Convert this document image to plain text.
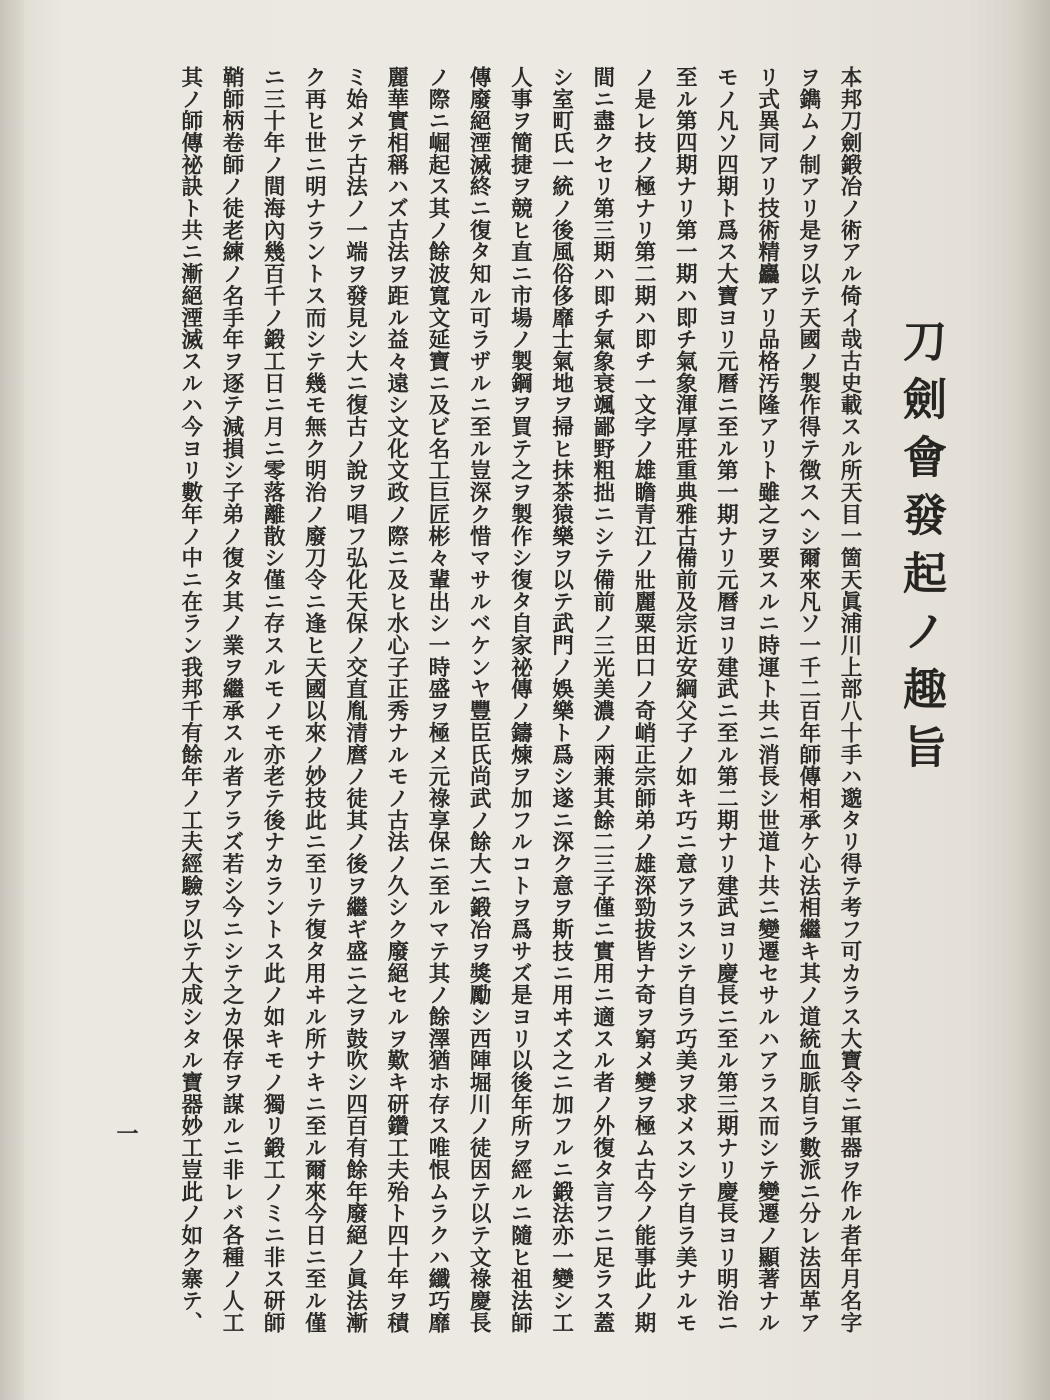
刀劍會發起ノ趣旨
本邦刀劍鍛冶ノ術アル倚イ哉古史載スル所天目一箇天眞浦川上部八十手ハ邈タリ得テ考フ可カラス大寶令ニ軍器ヲ作ル者年月名字
ヲ鐫ムノ制アリ是ヲ以テ天國ノ製作得テ徴スヘシ爾來凡ソ一千二百年師傳相承ケ心法相繼キ其ノ道統血脈自ラ數派ニ分レ法因革ア
リ式異同アリ技術精麤アリ品格汚隆アリト雖之ヲ要スルニ時運ト共ニ消長シ世道ト共ニ變遷セサルハアラス而シテ變遷ノ顯著ナル
モノ凡ソ四期ト爲ス大寶ヨリ元曆ニ至ル第一期ナリ元曆ヨリ建武ニ至ル第二期ナリ建武ヨリ慶長ニ至ル第三期ナリ慶長ヨリ明治ニ
至ル第四期ナリ第一期ハ即チ氣象渾厚莊重典雅古備前及宗近安綱父子ノ如キ巧ニ意アラスシテ自ラ巧美ヲ求メスシテ自ラ美ナルモ
ノ是レ技ノ極ナリ第二期ハ即チ一文字ノ雄瞻青江ノ壯麗粟田口ノ奇峭正宗師弟ノ雄深勁拔皆ナ奇ヲ窮メ變ヲ極ム古今ノ能事此ノ期
間ニ盡クセリ第三期ハ即チ氣象衰颯鄙野粗拙ニシテ備前ノ三光美濃ノ兩兼其餘二三子僅ニ實用ニ適スル者ノ外復タ言フニ足ラス蓋
シ室町氏一統ノ後風俗侈靡士氣地ヲ掃ヒ抹茶猿樂ヲ以テ武門ノ娛樂ト爲シ遂ニ深ク意ヲ斯技ニ用ヰズ之ニ加フルニ鍛法亦一變シ工
人事ヲ簡捷ヲ競ヒ直ニ市場ノ製鋼ヲ買テ之ヲ製作シ復タ自家祕傳ノ鑄煉ヲ加フルコトヲ爲サズ是ヨリ以後年所ヲ經ルニ隨ヒ祖法師
傳廢絕湮滅終ニ復タ知ル可ラザルニ至ル豈深ク惜マサルベケンヤ豐臣氏尚武ノ餘大ニ鍛冶ヲ獎勵シ西陣堀川ノ徒因テ以テ文祿慶長
ノ際ニ崛起ス其ノ餘波寬文延寶ニ及ビ名工巨匠彬々輩出シ一時盛ヲ極メ元祿享保ニ至ルマテ其ノ餘澤猶ホ存ス唯恨ムラクハ纖巧靡
麗華實相稱ハズ古法ヲ距ル益々遠シ文化文政ノ際ニ及ヒ水心子正秀ナルモノ古法ノ久シク廢絕セルヲ歎キ研鑽工夫殆ト四十年ヲ積
ミ始メテ古法ノ一端ヲ發見シ大ニ復古ノ說ヲ唱フ弘化天保ノ交直胤清麿ノ徒其ノ後ヲ繼ギ盛ニ之ヲ鼓吹シ四百有餘年廢絕ノ眞法漸
ク再ヒ世ニ明ナラントス而シテ幾モ無ク明治ノ廢刀令ニ逢ヒ天國以來ノ妙技此ニ至リテ復タ用ヰル所ナキニ至ル爾來今日ニ至ル僅
ニ三十年ノ間海內幾百千ノ鍛工日ニ月ニ零落離散シ僅ニ存スルモノモ亦老テ後ナカラントス此ノ如キモノ獨リ鍛工ノミニ非ス研師
鞘師柄卷師ノ徒老練ノ名手年ヲ逐テ減損シ子弟ノ復タ其ノ業ヲ繼承スル者アラズ若シ今ニシテ之カ保存ヲ謀ルニ非レバ各種ノ人工
其ノ師傳祕訣ト共ニ漸絕湮滅スルハ今ヨリ數年ノ中ニ在ラン我邦千有餘年ノ工夫經驗ヲ以テ大成シタル寶器妙工豈此ノ如ク寨テ、
一
